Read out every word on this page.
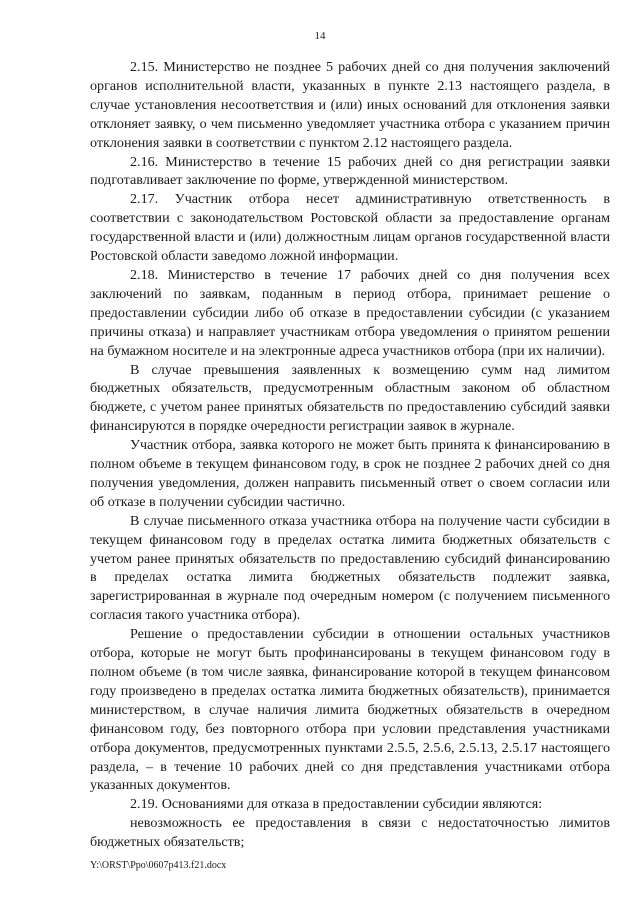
14

2.15. Министерство не позднее 5 рабочих дней со дня получения заключений органов исполнительной власти, указанных в пункте 2.13 настоящего раздела, в случае установления несоответствия и (или) иных оснований для отклонения заявки отклоняет заявку, о чем письменно уведомляет участника отбора с указанием причин отклонения заявки в соответствии с пунктом 2.12 настоящего раздела.

2.16. Министерство в течение 15 рабочих дней со дня регистрации заявки подготавливает заключение по форме, утвержденной министерством.

2.17. Участник отбора несет административную ответственность в соответствии с законодательством Ростовской области за предоставление органам государственной власти и (или) должностным лицам органов государственной власти Ростовской области заведомо ложной информации.

2.18. Министерство в течение 17 рабочих дней со дня получения всех заключений по заявкам, поданным в период отбора, принимает решение о предоставлении субсидии либо об отказе в предоставлении субсидии (с указанием причины отказа) и направляет участникам отбора уведомления о принятом решении на бумажном носителе и на электронные адреса участников отбора (при их наличии).

В случае превышения заявленных к возмещению сумм над лимитом бюджетных обязательств, предусмотренным областным законом об областном бюджете, с учетом ранее принятых обязательств по предоставлению субсидий заявки финансируются в порядке очередности регистрации заявок в журнале.

Участник отбора, заявка которого не может быть принята к финансированию в полном объеме в текущем финансовом году, в срок не позднее 2 рабочих дней со дня получения уведомления, должен направить письменный ответ о своем согласии или об отказе в получении субсидии частично.

В случае письменного отказа участника отбора на получение части субсидии в текущем финансовом году в пределах остатка лимита бюджетных обязательств с учетом ранее принятых обязательств по предоставлению субсидий финансированию в пределах остатка лимита бюджетных обязательств подлежит заявка, зарегистрированная в журнале под очередным номером (с получением письменного согласия такого участника отбора).

Решение о предоставлении субсидии в отношении остальных участников отбора, которые не могут быть профинансированы в текущем финансовом году в полном объеме (в том числе заявка, финансирование которой в текущем финансовом году произведено в пределах остатка лимита бюджетных обязательств), принимается министерством, в случае наличия лимита бюджетных обязательств в очередном финансовом году, без повторного отбора при условии представления участниками отбора документов, предусмотренных пунктами 2.5.5, 2.5.6, 2.5.13, 2.5.17 настоящего раздела, – в течение 10 рабочих дней со дня представления участниками отбора указанных документов.

2.19. Основаниями для отказа в предоставлении субсидии являются:

невозможность ее предоставления в связи с недостаточностью лимитов бюджетных обязательств;

Y:\ORST\Ppo\0607p413.f21.docx
